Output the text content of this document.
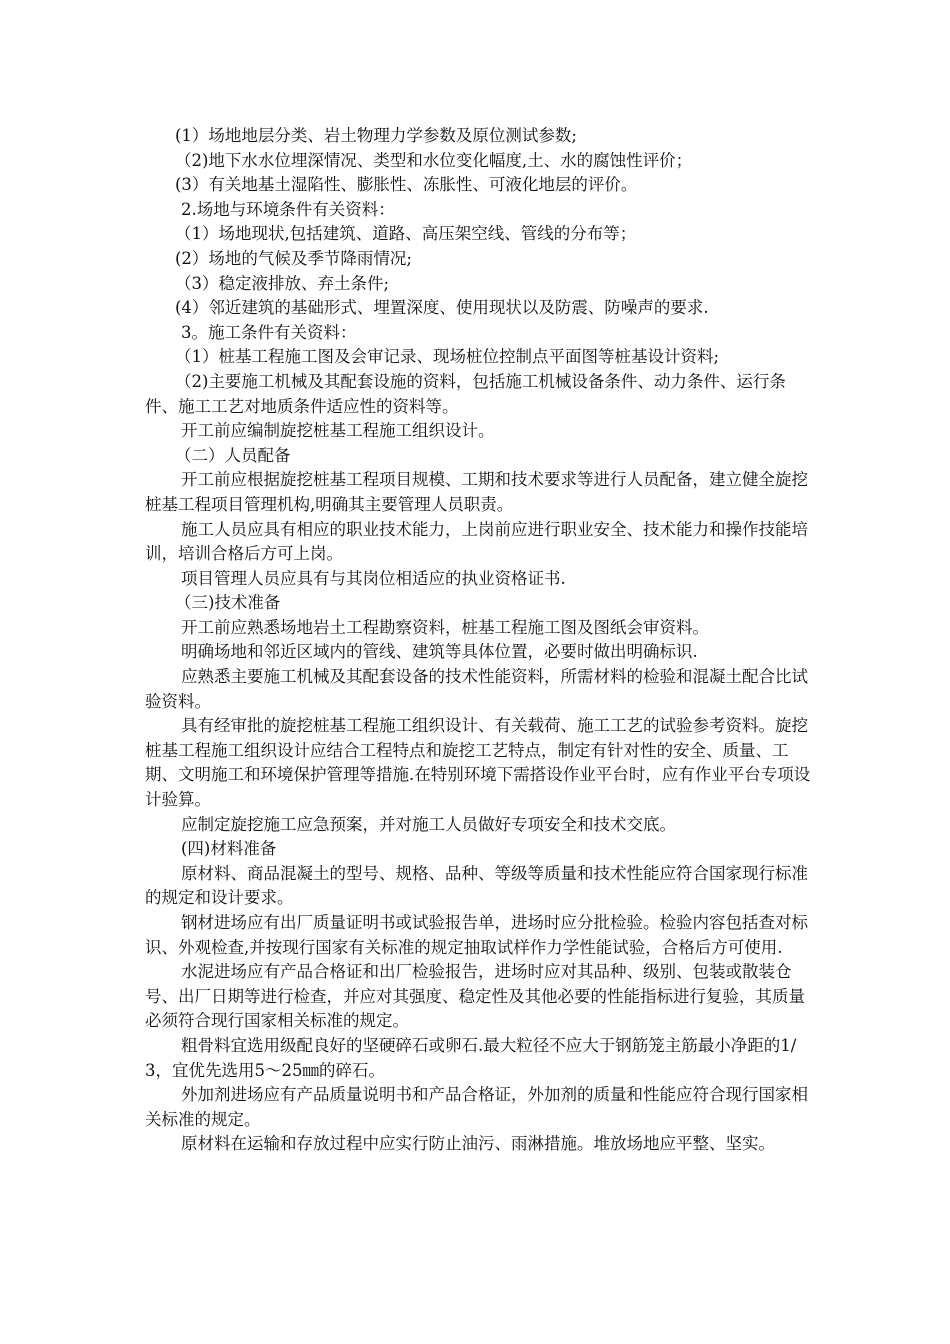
(1）场地地层分类、岩土物理力学参数及原位测试参数;

（2)地下水水位埋深情况、类型和水位变化幅度,土、水的腐蚀性评价；

(3）有关地基土湿陷性、膨胀性、冻胀性、可液化地层的评价。

2.场地与环境条件有关资料：

（1）场地现状,包括建筑、道路、高压架空线、管线的分布等；

(2）场地的气候及季节降雨情况;

（3）稳定液排放、弃土条件;

(4）邻近建筑的基础形式、埋置深度、使用现状以及防震、防噪声的要求.

3。施工条件有关资料：

（1）桩基工程施工图及会审记录、现场桩位控制点平面图等桩基设计资料;

（2)主要施工机械及其配套设施的资料，包括施工机械设备条件、动力条件、运行条件、施工工艺对地质条件适应性的资料等。

开工前应编制旋挖桩基工程施工组织设计。

（二）人员配备

开工前应根据旋挖桩基工程项目规模、工期和技术要求等进行人员配备，建立健全旋挖桩基工程项目管理机构,明确其主要管理人员职责。

施工人员应具有相应的职业技术能力，上岗前应进行职业安全、技术能力和操作技能培训，培训合格后方可上岗。

项目管理人员应具有与其岗位相适应的执业资格证书.

（三)技术准备

开工前应熟悉场地岩土工程勘察资料，桩基工程施工图及图纸会审资料。

明确场地和邻近区域内的管线、建筑等具体位置，必要时做出明确标识.

应熟悉主要施工机械及其配套设备的技术性能资料，所需材料的检验和混凝土配合比试验资料。

具有经审批的旋挖桩基工程施工组织设计、有关载荷、施工工艺的试验参考资料。旋挖桩基工程施工组织设计应结合工程特点和旋挖工艺特点，制定有针对性的安全、质量、工期、文明施工和环境保护管理等措施.在特别环境下需搭设作业平台时，应有作业平台专项设计验算。

应制定旋挖施工应急预案，并对施工人员做好专项安全和技术交底。

(四)材料准备

原材料、商品混凝土的型号、规格、品种、等级等质量和技术性能应符合国家现行标准的规定和设计要求。

钢材进场应有出厂质量证明书或试验报告单，进场时应分批检验。检验内容包括查对标识、外观检查,并按现行国家有关标准的规定抽取试样作力学性能试验，合格后方可使用.

水泥进场应有产品合格证和出厂检验报告，进场时应对其品种、级别、包装或散装仓号、出厂日期等进行检查，并应对其强度、稳定性及其他必要的性能指标进行复验，其质量必须符合现行国家相关标准的规定。

粗骨料宜选用级配良好的坚硬碎石或卵石.最大粒径不应大于钢筋笼主筋最小净距的1/3，宜优先选用5～25㎜的碎石。

外加剂进场应有产品质量说明书和产品合格证，外加剂的质量和性能应符合现行国家相关标准的规定。

原材料在运输和存放过程中应实行防止油污、雨淋措施。堆放场地应平整、坚实。
